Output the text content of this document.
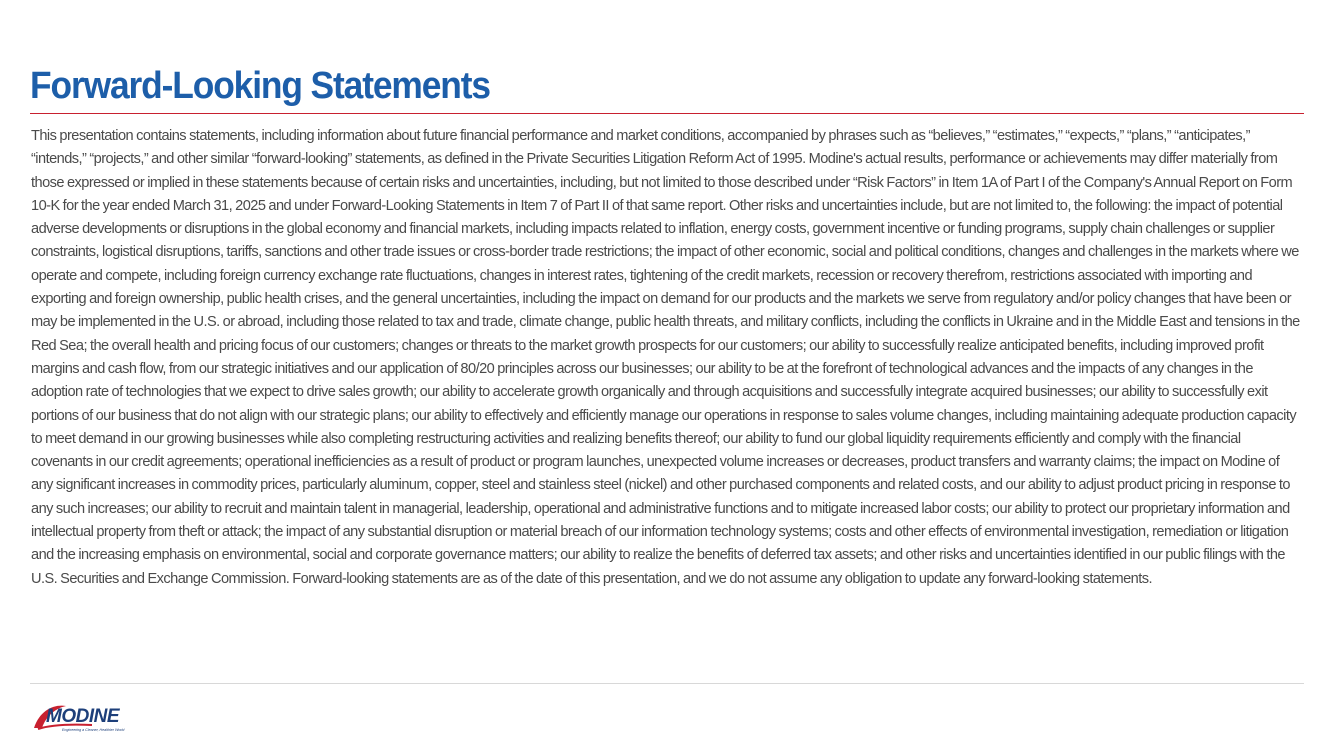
Forward-Looking Statements

This presentation contains statements, including information about future financial performance and market conditions, accompanied by phrases such as “believes,” “estimates,” “expects,” “plans,” “anticipates,” “intends,” “projects,” and other similar “forward-looking” statements, as defined in the Private Securities Litigation Reform Act of 1995. Modine's actual results, performance or achievements may differ materially from those expressed or implied in these statements because of certain risks and uncertainties, including, but not limited to those described under “Risk Factors” in Item 1A of Part I of the Company's Annual Report on Form 10-K for the year ended March 31, 2025 and under Forward-Looking Statements in Item 7 of Part II of that same report. Other risks and uncertainties include, but are not limited to, the following: the impact of potential adverse developments or disruptions in the global economy and financial markets, including impacts related to inflation, energy costs, government incentive or funding programs, supply chain challenges or supplier constraints, logistical disruptions, tariffs, sanctions and other trade issues or cross-border trade restrictions; the impact of other economic, social and political conditions, changes and challenges in the markets where we operate and compete, including foreign currency exchange rate fluctuations, changes in interest rates, tightening of the credit markets, recession or recovery therefrom, restrictions associated with importing and exporting and foreign ownership, public health crises, and the general uncertainties, including the impact on demand for our products and the markets we serve from regulatory and/or policy changes that have been or may be implemented in the U.S. or abroad, including those related to tax and trade, climate change, public health threats, and military conflicts, including the conflicts in Ukraine and in the Middle East and tensions in the Red Sea; the overall health and pricing focus of our customers; changes or threats to the market growth prospects for our customers; our ability to successfully realize anticipated benefits, including improved profit margins and cash flow, from our strategic initiatives and our application of 80/20 principles across our businesses; our ability to be at the forefront of technological advances and the impacts of any changes in the adoption rate of technologies that we expect to drive sales growth; our ability to accelerate growth organically and through acquisitions and successfully integrate acquired businesses; our ability to successfully exit portions of our business that do not align with our strategic plans; our ability to effectively and efficiently manage our operations in response to sales volume changes, including maintaining adequate production capacity to meet demand in our growing businesses while also completing restructuring activities and realizing benefits thereof; our ability to fund our global liquidity requirements efficiently and comply with the financial covenants in our credit agreements; operational inefficiencies as a result of product or program launches, unexpected volume increases or decreases, product transfers and warranty claims; the impact on Modine of any significant increases in commodity prices, particularly aluminum, copper, steel and stainless steel (nickel) and other purchased components and related costs, and our ability to adjust product pricing in response to any such increases; our ability to recruit and maintain talent in managerial, leadership, operational and administrative functions and to mitigate increased labor costs; our ability to protect our proprietary information and intellectual property from theft or attack; the impact of any substantial disruption or material breach of our information technology systems; costs and other effects of environmental investigation, remediation or litigation and the increasing emphasis on environmental, social and corporate governance matters; our ability to realize the benefits of deferred tax assets; and other risks and uncertainties identified in our public filings with the U.S. Securities and Exchange Commission. Forward-looking statements are as of the date of this presentation, and we do not assume any obligation to update any forward-looking statements.

MODINE
Engineering a Cleaner, Healthier World
